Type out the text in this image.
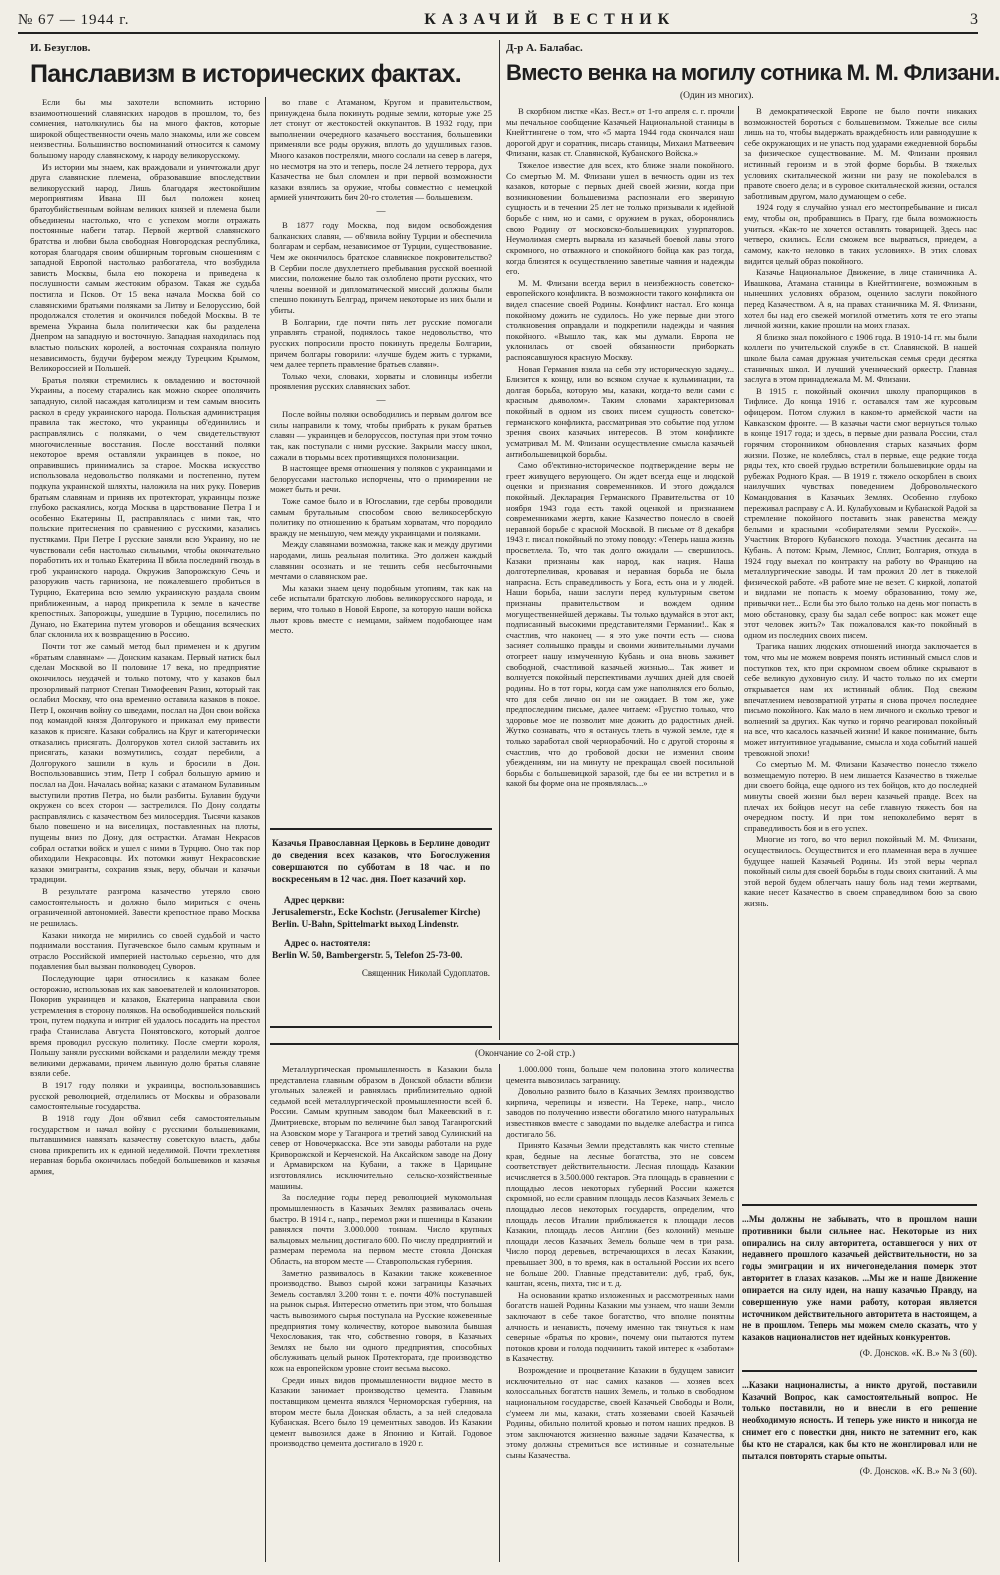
№ 67 — 1944 г.	КАЗАЧИЙ ВЕСТНИК	3
И. Безуглов.
Панславизм в исторических фактах.

Если бы мы захотели вспомнить историю взаимоотношений славянских народов в прошлом, то, без сомнения, натолкнулись бы на много фактов, которые широкой общественности очень мало знакомы, или же совсем неизвестны. Большинство воспоминаний относится к самому большому народу славянскому, к народу великорусскому.

Из истории мы знаем, как враждовали и уничтожали друг друга славянские племена, образовавшие впоследствии великорусский народ. Лишь благодаря жестокойшим мероприятиям Ивана III был положен конец братоубийственным войнам великих князей и племена были объединены настолько, что с успехом могли отражать постоянные набеги татар. Первой жертвой славянского братства и любви была свободная Новгородская республика, которая благодаря своим обширным торговым сношениям с западной Европой настолько разбогатела, что возбудила зависть Москвы, была ею покорена и приведена к послушности самым жестоким образом. Такая же судьба постигла и Псков. От 15 века начала Москва бой со славянскими братьями поляками за Литву и Белоруссию, бой продолжался столетия и окончился победой Москвы. В те времена Украина была политически как бы разделена Днепром на западную и восточную. Западная находилась под властью польских королей, а восточная сохраняла полную независимость, будучи буфером между Турецким Крымом, Великороссией и Польшей.

Братья поляки стремились к овладению и восточной Украины, а посему старались как можно скорее ополячить западную, силой насаждая католицизм и тем самым вносить раскол в среду украинского народа. Польская администрация правила так жестоко, что украинцы об'единились и расправлялись с поляками, о чем свидетельствуют многочисленные восстания. После восстаний поляки некоторое время оставляли украинцев в покое, но оправившись принимались за старое. Москва искусство использовала недовольство поляками и постепенно, путем подкупа украинской шляхты, наложила на них руку. Поверив братьям славянам и приняв их протекторат, украинцы позже глубоко раскаялись, когда Москва в царствование Петра I и особенно Екатерины II, расправлялась с ними так, что польские притеснения по сравнению с русскими, казались пустяками. При Петре I русские заняли всю Украину, но не чувствовали себя настолько сильными, чтобы окончательно поработить их и только Екатерина II вбила последний гвоздь в гроб украинского народа. Окружив Запорожскую Сечь и разоружив часть гарнизона, не пожалевшего пробиться в Турцию, Екатерина всю землю украинскую раздала своим приближенным, а народ прикрепила к земле в качестве крепостных. Запорожцы, ушедшие в Турцию, поселились по Дунаю, но Екатерина путем уговоров и обещания всяческих благ склонила их к возвращению в Россию.

Почти тот же самый метод был применен и к другим «братьям славянам» — Донским казакам. Первый натиск был сделан Москвой во II половине 17 века, но предприятие окончилось неудачей и только потому, что у казаков был прозорливый патриот Степан Тимофеевич Разин, который так ослабил Москву, что она временно оставила казаков в покое. Петр I, окончив войну со шведами, послал на Дон свои войска под командой князя Долгорукого и приказал ему привести казаков к присяге. Казаки собрались на Круг и категорически отказались присягать. Долгоруков хотел силой заставить их присягать, казаки возмутились, создат перебили, а Долгорукого зашили в куль и бросили в Дон. Воспользовавшись этим, Петр I собрал большую армию и послал на Дон. Началась война; казаки с атаманом Булавиным выступили против Петра, но были разбиты. Булавин будучи окружен со всех сторон — застрелился. По Дону солдаты расправлялись с казачеством без милосердия. Тысячи казаков было повешено и на виселицах, поставленных на плоты, пущены вниз по Дону, для острастки. Атаман Некрасов собрал остатки войск и ушел с ними в Турцию. Оно так пор обиходили Некрасовцы. Их потомки живут Некрасовские казаки эмигранты, сохранив язык, веру, обычаи и казачьи традиции.

В результате разгрома казачество утеряло свою самостоятельность и должно было мириться с очень ограниченной автономией. Завести крепостное право Москва не решилась.

Казаки никогда не мирились со своей судьбой и часто поднимали восстания. Пугачевское было самым крупным и отрасло Российской империей настолько серьезно, что для подавления был вызван полководец Суворов.

Последующие цари относились к казакам более осторожно, использовав их как завоевателей и колонизаторов. Покорив украинцев и казаков, Екатерина направила свои устремления в сторону поляков. На освободившейся польский трон, путем подкупа и интриг ей удалось посадить на престол графа Станислава Августа Понятовского, который долгое время проводил русскую политику. После смерти короля, Польшу заняли русскими войсками и разделили между тремя великими державами, причем львиную долю братья славяне взяли себе.

В 1917 году поляки и украинцы, воспользовавшись русской революцией, отделились от Москвы и образовали самостоятельные государства.

В 1918 году Дон об'явил себя самостоятельным государством и начал войну с русскими большевиками, пытавшимися навязать казачеству советскую власть, дабы снова прикрепить их к единой неделимой. Почти трехлетняя неравная борьба окончилась победой большевиков и казачья армия,

во главе с Атаманом, Кругом и правительством, принуждена была покинуть родные земли, которые уже 25 лет стонут от жестокостей оккупантов. В 1932 году, при выполнении очередного казачьего восстания, большевики применяли все роды оружия, вплоть до удушливых газов. Много казаков постреляли, много сослали на север в лагеря, но несмотря на это и теперь, после 24 летнего террора, дух Казачества не был сломлен и при первой возможности казаки взялись за оружие, чтобы совместно с немецкой армией уничтожить бич 20-го столетия — большевизм.

—

В 1877 году Москва, под видом освобождения балканских славян, — об'явила войну Турции и обеспечила болгарам и сербам, независимое от Турции, существование. Чем же окончилось братское славянское покровительство? В Сербии после двухлетнего пребывания русской военной миссии, положение было так озлоблено проти русских, что члены военной и дипломатической миссий должны были спешно покинуть Белград, причем некоторые из них были и убиты.

В Болгарии, где почти пять лет русские помогали управлять страной, поднялось такое недовольство, что русских попросили просто покинуть пределы Болгарии, причем болгары говорили: «лучше будем жить с турками, чем далее терпеть правление братьев славян».

Только чехи, словаки, хорваты и словинцы избегли проявления русских славянских забот.

—

После войны поляки освободились и первым долгом все силы направили к тому, чтобы прибрать к рукам братьев славян — украинцев и белоруссов, поступая при этом точно так, как поступали с ними русские. Закрыли массу школ, сажали в тюрьмы всех противящихся полонизации.

В настоящее время отношения у поляков с украинцами и белоруссами настолько испорчены, что о примирении не может быть и речи.

Тоже самое было и в Югославии, где сербы проводили самым брутальным способом свою великосербскую политику по отношению к братьям хорватам, что породило вражду не меньшую, чем между украинцами и поляками.

Между славянами возможна, также как и между другими народами, лишь реальная политика. Это должен каждый славянин осознать и не тешить себя несбыточными мечтами о славянском рае.

Мы казаки знаем цену подобным утопиям, так как на себе испытали братскую любовь великорусского народа, и верим, что только в Новой Европе, за которую наши войска льют кровь вместе с немцами, займем подобающее нам место.

Казачья Православная Церковь в Берлине доводит до сведения всех казаков, что Богослужения совершаются по субботам в 18 час. и по воскресеньям в 12 час. дня. Поет казачий хор.
Адрес церкви:
Jerusalemerstr., Ecke Kochstr. (Jerusalemer Kirche) Berlin. U-Bahn, Spittelmarkt выход Lindenstr.
Адрес о. настоятеля:
Berlin W. 50, Bambergerstr. 5, Telefon 25-73-00.
Священник Николай Судоплатов.
(Окончание со 2-ой стр.)

Металлургическая промышленность в Казакии была представлена главным образом в Донской области вблизи угольных залежей и равнялась приблизительно одной седьмой всей металлургической промышленности всей б. России. Самым крупным заводом был Макеевский в г. Дмитриевске, вторым по величине был завод Таганрогский на Азовском море у Таганрога и третий завод Сулинский на север от Новочеркасска. Все эти заводы работали на руде Криворожской и Керченской. На Аксайском заводе на Дону и Армавирском на Кубани, а также в Царицыне изготовлялись исключительно сельско-хозяйственные машины.

За последние годы перед революцией мукомольная промышленность в Казачьих Землях развивалась очень быстро. В 1914 г., напр., перемол ржи и пшеницы в Казакии равнялся почти 3.000.000 тоннам. Число крупных вальцовых мельниц достигало 600. По числу предприятий и размерам перемола на первом месте стояла Донская Область, на втором месте — Ставропольская губерния.

Заметно развивалось в Казакии также кожевенное производство. Вывоз сырой кожи заграницы Казачьих Земель составлял 3.200 тонн т. е. почти 40% поступавшей на рынок сырья. Интересно отметить при этом, что большая часть вывозимого сырья поступала на Русские кожевенные предприятия тому количеству, которое вывозила бывшая Чехословакия, так что, собственно говоря, в Казачьих Землях не было ни одного предприятия, способных обслуживать целый рынок Протектората, где производство кож на европейском уровне стоит весьма высоко.

Среди иных видов промышленности видное место в Казакии занимает производство цемента. Главным поставщиком цемента являлся Черноморская губерния, на втором месте была Донская область, а за ней следовала Кубанская. Всего было 19 цементных заводов. Из Казакии цемент вывозился даже в Японию и Китай. Годовое производство цемента достигало в 1920 г.

1.000.000 тонн, больше чем половина этого количества цемента вывозилась заграницу.

Довольно развито было в Казачьих Землях производство кирпича, черепицы и извести. На Тереке, напр., число заводов по получению извести обогатило много натуральных известняков вместе с заводами по выделке алебастра и гипса достигало 56.

Принято Казачьи Земли представлять как чисто степные края, бедные на лесные богатства, это не совсем соответствует действительности. Лесная площадь Казакии исчисляется в 3.500.000 гектаров. Эта площадь в сравнении с площадью лесов некоторых губерний России кажется скромной, но если сравним площадь лесов Казачьих Земель с площадью лесов некоторых государств, определим, что площадь лесов Италии приближается к площади лесов Казакии, площадь лесов Англии (без колоний) меньше площади лесов Казачьих Земель больше чем в три раза. Число пород деревьев, встречающихся в лесах Казакии, превышает 300, в то время, как в остальной России их всего не больше 200. Главные представители: дуб, граб, бук, каштан, ясень, пихта, тис и т. д.

На основании кратко изложенных и рассмотренных нами богатств нашей Родины Казакии мы узнаем, что наши Земли заключают в себе такое богатство, что вполне понятны алчность и ненависть, почему именно так тянуться к нам северные «братья по крови», почему они пытаются путем потоков крови и голода подчинить такой интерес к «заботам» в Казачеству.

Возрождение и процветание Казакии в будущем зависит исключительно от нас самих казаков — хозяев всех колоссальных богатств наших Земель, и только в свободном национальном государстве, своей Казачьей Свободы и Воли, с'умеем ли мы, казаки, стать хозяевами своей Казачьей Родины, обильно политой кровью и потом наших предков. В этом заключаются жизненно важные задачи Казачества, к этому должны стремиться все истинные и сознательные сыны Казачества.

Д-р А. Балабас.
Вместо венка на могилу сотника М. М. Флизани.
(Один из многих).

В скорбном листке «Каз. Вест.» от 1-го апреля с. г. прочли мы печальное сообщение Казачьей Национальной станицы в Кнейттингене о том, что «5 марта 1944 года скончался наш дорогой друг и соратник, писарь станицы, Михаил Матвеевич Флизани, казак ст. Славянской, Кубанского Войска.»

Тяжелое известие для всех, кто ближе знали покойного. Со смертью М. М. Флизани ушел в вечность один из тех казаков, которые с первых дней своей жизни, когда при возникновении большевизма распознали его звериную сущность и в течении 25 лет не только призывали к идейной борьбе с ним, но и сами, с оружием в руках, оборонялись свою Родину от московско-большевицких узурпаторов. Неумолимая смерть вырвала из казачьей боевой лавы этого скромного, но отважного и спокойного бойца как раз тогда, когда близятся к осуществлению заветные чаяния и надежды его.

М. М. Флизани всегда верил в неизбежность советско-европейского конфликта. В возможности такого конфликта он видел спасение своей Родины. Конфликт настал. Его конца покойному дожить не судилось. Но уже первые дни этого столкновения оправдали и подкрепили надежды и чаяния покойного. «Вышло так, как мы думали. Европа не уклонилась от своей обязанности приборкать распоясавшуюся красную Москву.

Новая Германия взяла на себя эту историческую задачу... Близится к концу, или во всяком случае к кульминации, та долгая борьба, которую мы, казаки, когда-то вели сами с красным дьяволом». Таким словами характеризовал покойный в одном из своих писем сущность советско-германского конфликта, рассматривая это событие под углом зрения своих казачьих интересов. В этом конфликте усматривал М. М. Флизани осуществление смысла казачьей антибольшевицкой борьбы.

Само об'ективно-историческое подтверждение веры не греет живущего верующего. Он ждет всегда еще и людской оценки и признания современников. И этого дождался покойный. Декларация Германского Правительства от 10 ноября 1943 года есть такой оценкой и признанием современниками жертв, какие Казачество понесло в своей неравной борьбе с красной Москвой. В письме от 8 декабря 1943 г. писал покойный по этому поводу: «Теперь наша жизнь просветлела. То, что так долго ожидали — свершилось. Казаки признаны как народ, как нация. Наша долготерпеливая, кровавая и неравная борьба не была напрасна. Есть справедливость у Бога, есть она и у людей. Наши борьба, наши заслуги перед культурным светом признаны правительством и вождем одним могущественнейшей державы. Ты только вдумайся в этот акт, подписанный высокими представителями Германии!.. Как я счастлив, что наконец — я это уже почти есть — снова засияет солнышко правды и своими живительными лучами отогреет нашу измученную Кубань и она вновь заживет свободной, счастливой казачьей жизнью... Так живет и волнуется покойный перспективами лучших дней для своей родины. Но в тот горы, когда сам уже наполнялся его болью, что для себя лично он ни не ожидает. В том же, уже предпоследним письме, далее читаем: «Грустно только, что здоровье мое не позволит мне дожить до радостных дней. Жутко сознавать, что я останусь тлеть в чужой земле, где я только заработал свой чернорабочий. Но с другой стороны я счастлив, что до гробовой доски не изменил своим убеждениям, ни на минуту не прекращал своей посильной борьбы с большевицкой заразой, где бы ее ни встретил и в какой бы форме она не проявлялась...»

В демократической Европе не было почти никаких возможностей бороться с большевизмом. Тяжелые все силы лишь на то, чтобы выдержать враждебность или равнодушие к себе окружающих и не упасть под ударами ежедневной борьбы за физическое существование. М. М. Флизани проявил истинный героизм и в этой форме борьбы. В тяжелых условиях скитальческой жизни ни разу не покоlebался в правоте своего дела; и в суровое скитальческой жизни, остался заботливым другом, мало думающем о себе.

1924 году я случайно узнал его местопребывание и писал ему, чтобы он, пробравшись в Прагу, где была возможность учиться. «Как-то не хочется оставлять товарищей. Здесь нас четверо, скились. Если сможем все вырваться, приедем, а самому, как-то неловко в таких условиях». В этих словах видится целый образ покойного.

Казачье Национальное Движение, в лице станичника А. Ивашкова, Атамана станицы в Кнейттингене, возможным в нынешних условиях образом, оценило заслуги покойного перед Казачеством. А я, на правах станичника М. Я. Флизани, хотел бы над его свежей могилой отметить хотя те его этапы личной жизни, какие прошли на моих глазах.

Я близко знал покойного с 1906 года. В 1910-14 гг. мы были коллеги по учительской службе в ст. Славянской. В нашей школе была самая дружная учительская семья среди десятка станичных школ. И лучший ученический оркестр. Главная заслуга в этом принадлежала М. М. Флизани.

В 1915 г. покойный окончил школу прапорщиков в Тифлисе. До конца 1916 г. оставался там же курсовым офицером. Потом служил в каком-то армейской части на Кавказском фронте. — В казачьи части смог вернуться только в конце 1917 года; и здесь, в первые дни развала России, стал горячим сторонником обновления старых казачьих форм жизни. Позже, не колеблясь, стал в первые, еще редкие тогда ряды тех, кто своей грудью встретили большевицкие орды на рубежах Родного Края. — В 1919 г. тяжело оскорблен в своих наилучших чувствах поведением Добровольческого Командования в Казачьих Землях. Особенно глубоко переживал расправу с А. И. Кулабуховым и Кубанской Радой за стремление покойного поставить знак равенства между белыми и красными «собирателями земли Русской». — Участник Второго Кубанского похода. Участник десанта на Кубань. А потом: Крым, Лемнос, Сплит, Болгария, откуда в 1924 году выехал по контракту на работу во Францию на металлургические заводы. И там прожил 20 лет в тяжелой физической работе. «В работе мне не везет. С киркой, лопатой и видлами не попасть к моему образованию, тому же, привычки нет... Если бы это было только на день мог попасть в мою обстановку, сразу бы задал себе вопрос: как может еще этот человек жить?» Так пожаловался как-то покойный в одном из последних своих писем.

Трагика наших людских отношений иногда заключается в том, что мы не можем вовремя понять истинный смысл слов и поступков тех, кто при скромном своем облике скрывают в себе великую духовную силу. И часто только по их смерти открывается нам их истинный облик. Под свежим впечатлением невозвратной утраты я снова прочел последнее письмо покойного. Как мало в нем личного и сколько тревог и волнений за других. Как чутко и горячо реагировал покойный на все, что касалось казачьей жизни! И какое понимание, быть может интуитивное угадывание, смысла и хода событий нашей тревожной эпохи!

Со смертью М. М. Флизани Казачество понесло тяжело возмещаемую потерю. В нем лишается Казачество в тяжелые дни своего бойца, еще одного из тех бойцов, кто до последней минуты своей жизни был верен казачьей правде. Всех на плечах их бойцов несут на себе главную тяжесть боя на очередном посту. И при том непоколебимо верят в справедливость боя и в его успех.

Многие из того, во что верил покойный М. М. Флизани, осуществилось. Осуществится и его пламенная вера в лучшее будущее нашей Казачьей Родины. Из этой веры черпал покойный силы для своей борьбы в годы своих скитаний. А мы этой верой будем облегчать нашу боль над теми жертвами, какие несет Казачество в своем справедливом бою за свою жизнь.

...Мы должны не забывать, что в прошлом наши противники были сильнее нас. Некоторые из них опирались на силу авторитета, оставшегося у них от недавнего прошлого казачьей действительности, но за годы эмиграции и их ничегонеделания померк этот авторитет в глазах казаков. ...Мы же и наше Движение опирается на силу идеи, на нашу казачью Правду, на совершенную уже нами работу, которая является источником действительного авторитета в настоящем, а не в прошлом. Теперь мы можем смело сказать, что у казаков националистов нет идейных конкурентов.
(Ф. Донсков. «К. В.» № 3 (60).
...Казаки националисты, а никто другой, поставили Казачий Вопрос, как самостоятельный вопрос. Не только поставили, но и внесли в его решение необходимую ясность. И теперь уже никто и никогда не снимет его с повестки дня, никто не затемнит его, как бы кто не старался, как бы кто не жонглировал или не пытался повторять старые опыты.
(Ф. Донсков. «К. В.» № 3 (60).
